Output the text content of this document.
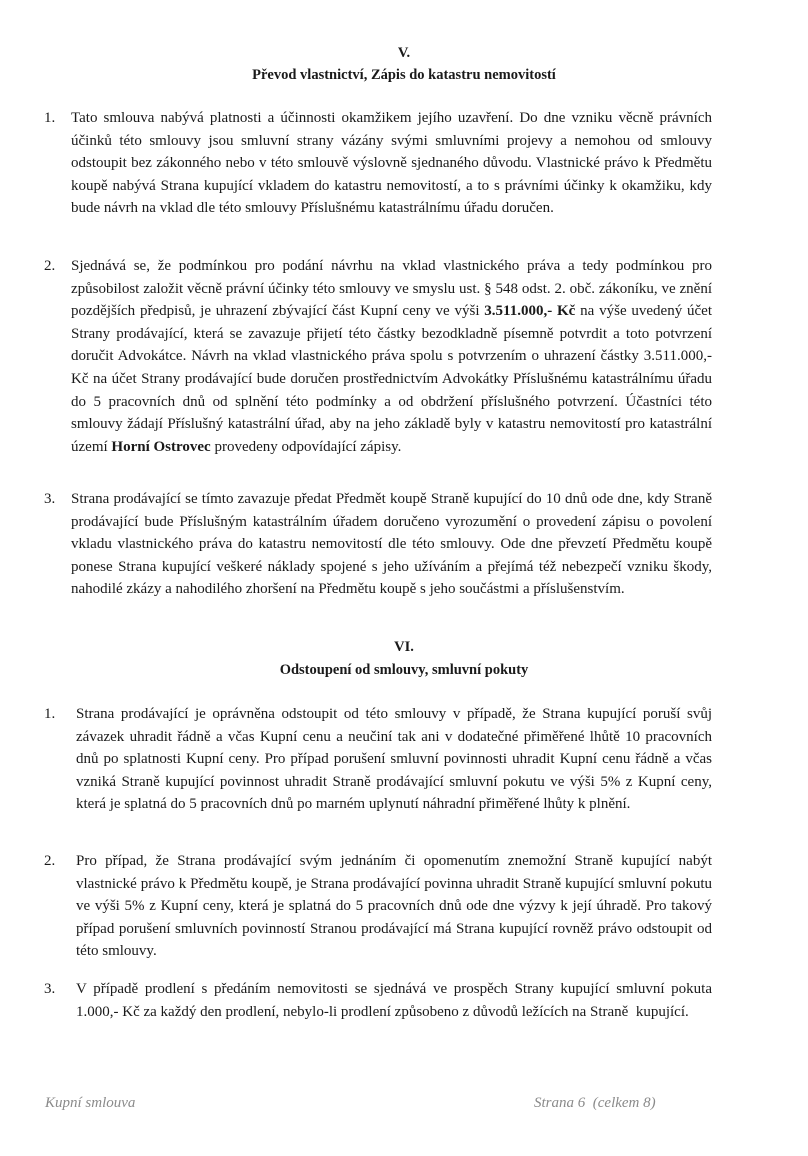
V.
Převod vlastnictví, Zápis do katastru nemovitostí
1. Tato smlouva nabývá platnosti a účinnosti okamžikem jejího uzavření. Do dne vzniku věcně právních účinků této smlouvy jsou smluvní strany vázány svými smluvními projevy a nemohou od smlouvy odstoupit bez zákonného nebo v této smlouvě výslovně sjednaného důvodu. Vlastnické právo k Předmětu koupě nabývá Strana kupující vkladem do katastru nemovitostí, a to s právními účinky k okamžiku, kdy bude návrh na vklad dle této smlouvy Příslušnému katastrálnímu úřadu doručen.
2. Sjednává se, že podmínkou pro podání návrhu na vklad vlastnického práva a tedy podmínkou pro způsobilost založit věcně právní účinky této smlouvy ve smyslu ust. § 548 odst. 2. obč. zákoníku, ve znění pozdějších předpisů, je uhrazení zbývající část Kupní ceny ve výši 3.511.000,- Kč na výše uvedený účet Strany prodávající, která se zavazuje přijetí této částky bezodkladně písemně potvrdit a toto potvrzení doručit Advokátce. Návrh na vklad vlastnického práva spolu s potvrzením o uhrazení částky 3.511.000,- Kč na účet Strany prodávající bude doručen prostřednictvím Advokátky Příslušnému katastrálnímu úřadu do 5 pracovních dnů od splnění této podmínky a od obdržení příslušného potvrzení. Účastníci této smlouvy žádají Příslušný katastrální úřad, aby na jeho základě byly v katastru nemovitostí pro katastrální území Horní Ostrovec provedeny odpovídající zápisy.
3. Strana prodávající se tímto zavazuje předat Předmět koupě Straně kupující do 10 dnů ode dne, kdy Straně prodávající bude Příslušným katastrálním úřadem doručeno vyrozumění o provedení zápisu o povolení vkladu vlastnického práva do katastru nemovitostí dle této smlouvy. Ode dne převzetí Předmětu koupě ponese Strana kupující veškeré náklady spojené s jeho užíváním a přejímá též nebezpečí vzniku škody, nahodilé zkázy a nahodilého zhoršení na Předmětu koupě s jeho součástmi a příslušenstvím.
VI.
Odstoupení od smlouvy, smluvní pokuty
1. Strana prodávající je oprávněna odstoupit od této smlouvy v případě, že Strana kupující poruší svůj závazek uhradit řádně a včas Kupní cenu a neučiní tak ani v dodatečné přiměřené lhůtě 10 pracovních dnů po splatnosti Kupní ceny. Pro případ porušení smluvní povinnosti uhradit Kupní cenu řádně a včas vzniká Straně kupující povinnost uhradit Straně prodávající smluvní pokutu ve výši 5% z Kupní ceny, která je splatná do 5 pracovních dnů po marném uplynutí náhradní přiměřené lhůty k plnění.
2. Pro případ, že Strana prodávající svým jednáním či opomenutím znemožní Straně kupující nabýt vlastnické právo k Předmětu koupě, je Strana prodávající povinna uhradit Straně kupující smluvní pokutu ve výši 5% z Kupní ceny, která je splatná do 5 pracovních dnů ode dne výzvy k její úhradě. Pro takový případ porušení smluvních povinností Stranou prodávající má Strana kupující rovněž právo odstoupit od této smlouvy.
3. V případě prodlení s předáním nemovitosti se sjednává ve prospěch Strany kupující smluvní pokuta      1.000,- Kč za každý den prodlení, nebylo-li prodlení způsobeno z důvodů ležících na Straně  kupující.
Kupní smlouva	Strana 6  (celkem 8)
